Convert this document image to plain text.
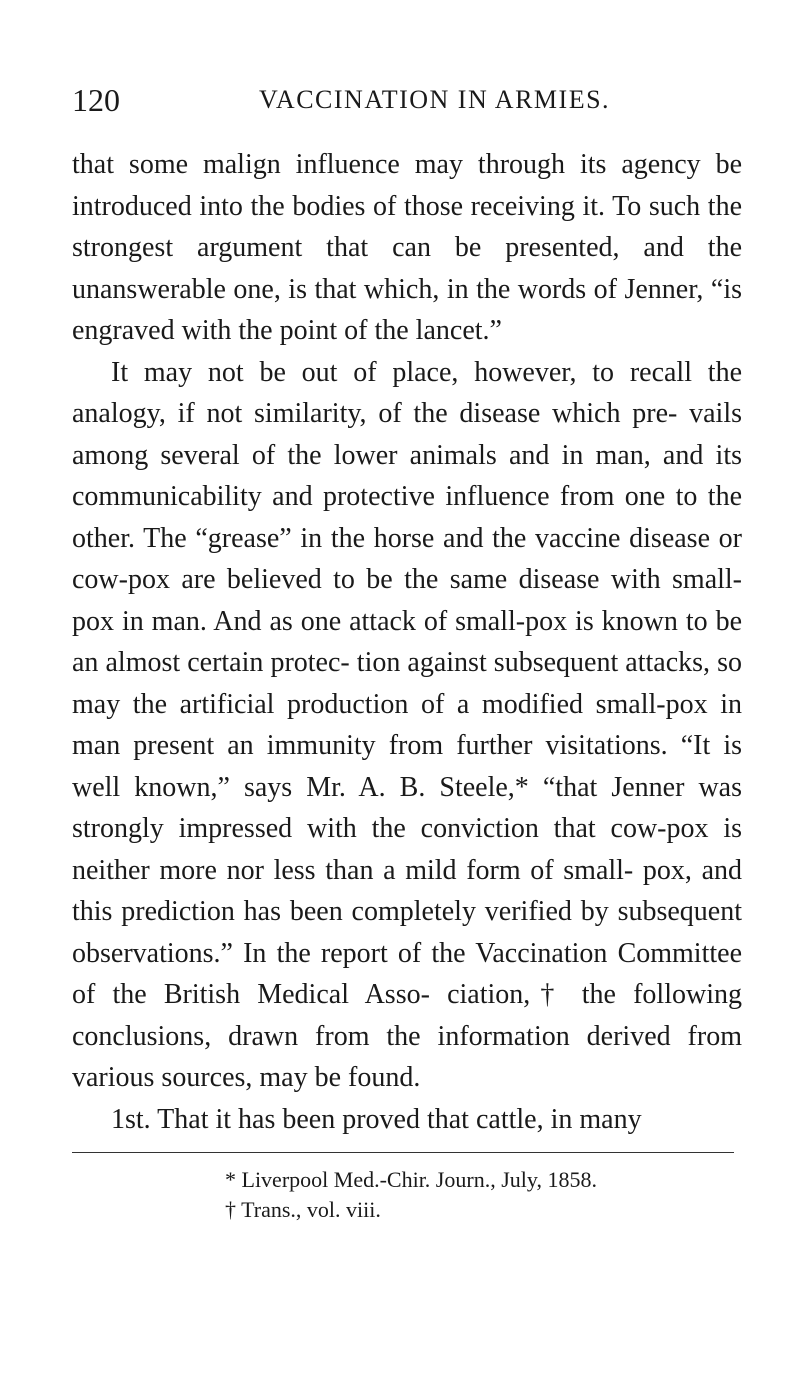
120	VACCINATION IN ARMIES.

that some malign influence may through its agency be introduced into the bodies of those receiving it. To such the strongest argument that can be presented, and the unanswerable one, is that which, in the words of Jenner, “is engraved with the point of the lancet.”

It may not be out of place, however, to recall the analogy, if not similarity, of the disease which pre- vails among several of the lower animals and in man, and its communicability and protective influence from one to the other. The “grease” in the horse and the vaccine disease or cow-pox are believed to be the same disease with small-pox in man. And as one attack of small-pox is known to be an almost certain protec- tion against subsequent attacks, so may the artificial production of a modified small-pox in man present an immunity from further visitations. “It is well known,” says Mr. A. B. Steele,* “that Jenner was strongly impressed with the conviction that cow-pox is neither more nor less than a mild form of small- pox, and this prediction has been completely verified by subsequent observations.” In the report of the Vaccination Committee of the British Medical Asso- ciation,† the following conclusions, drawn from the information derived from various sources, may be found.

1st. That it has been proved that cattle, in many

* Liverpool Med.-Chir. Journ., July, 1858.
† Trans., vol. viii.
